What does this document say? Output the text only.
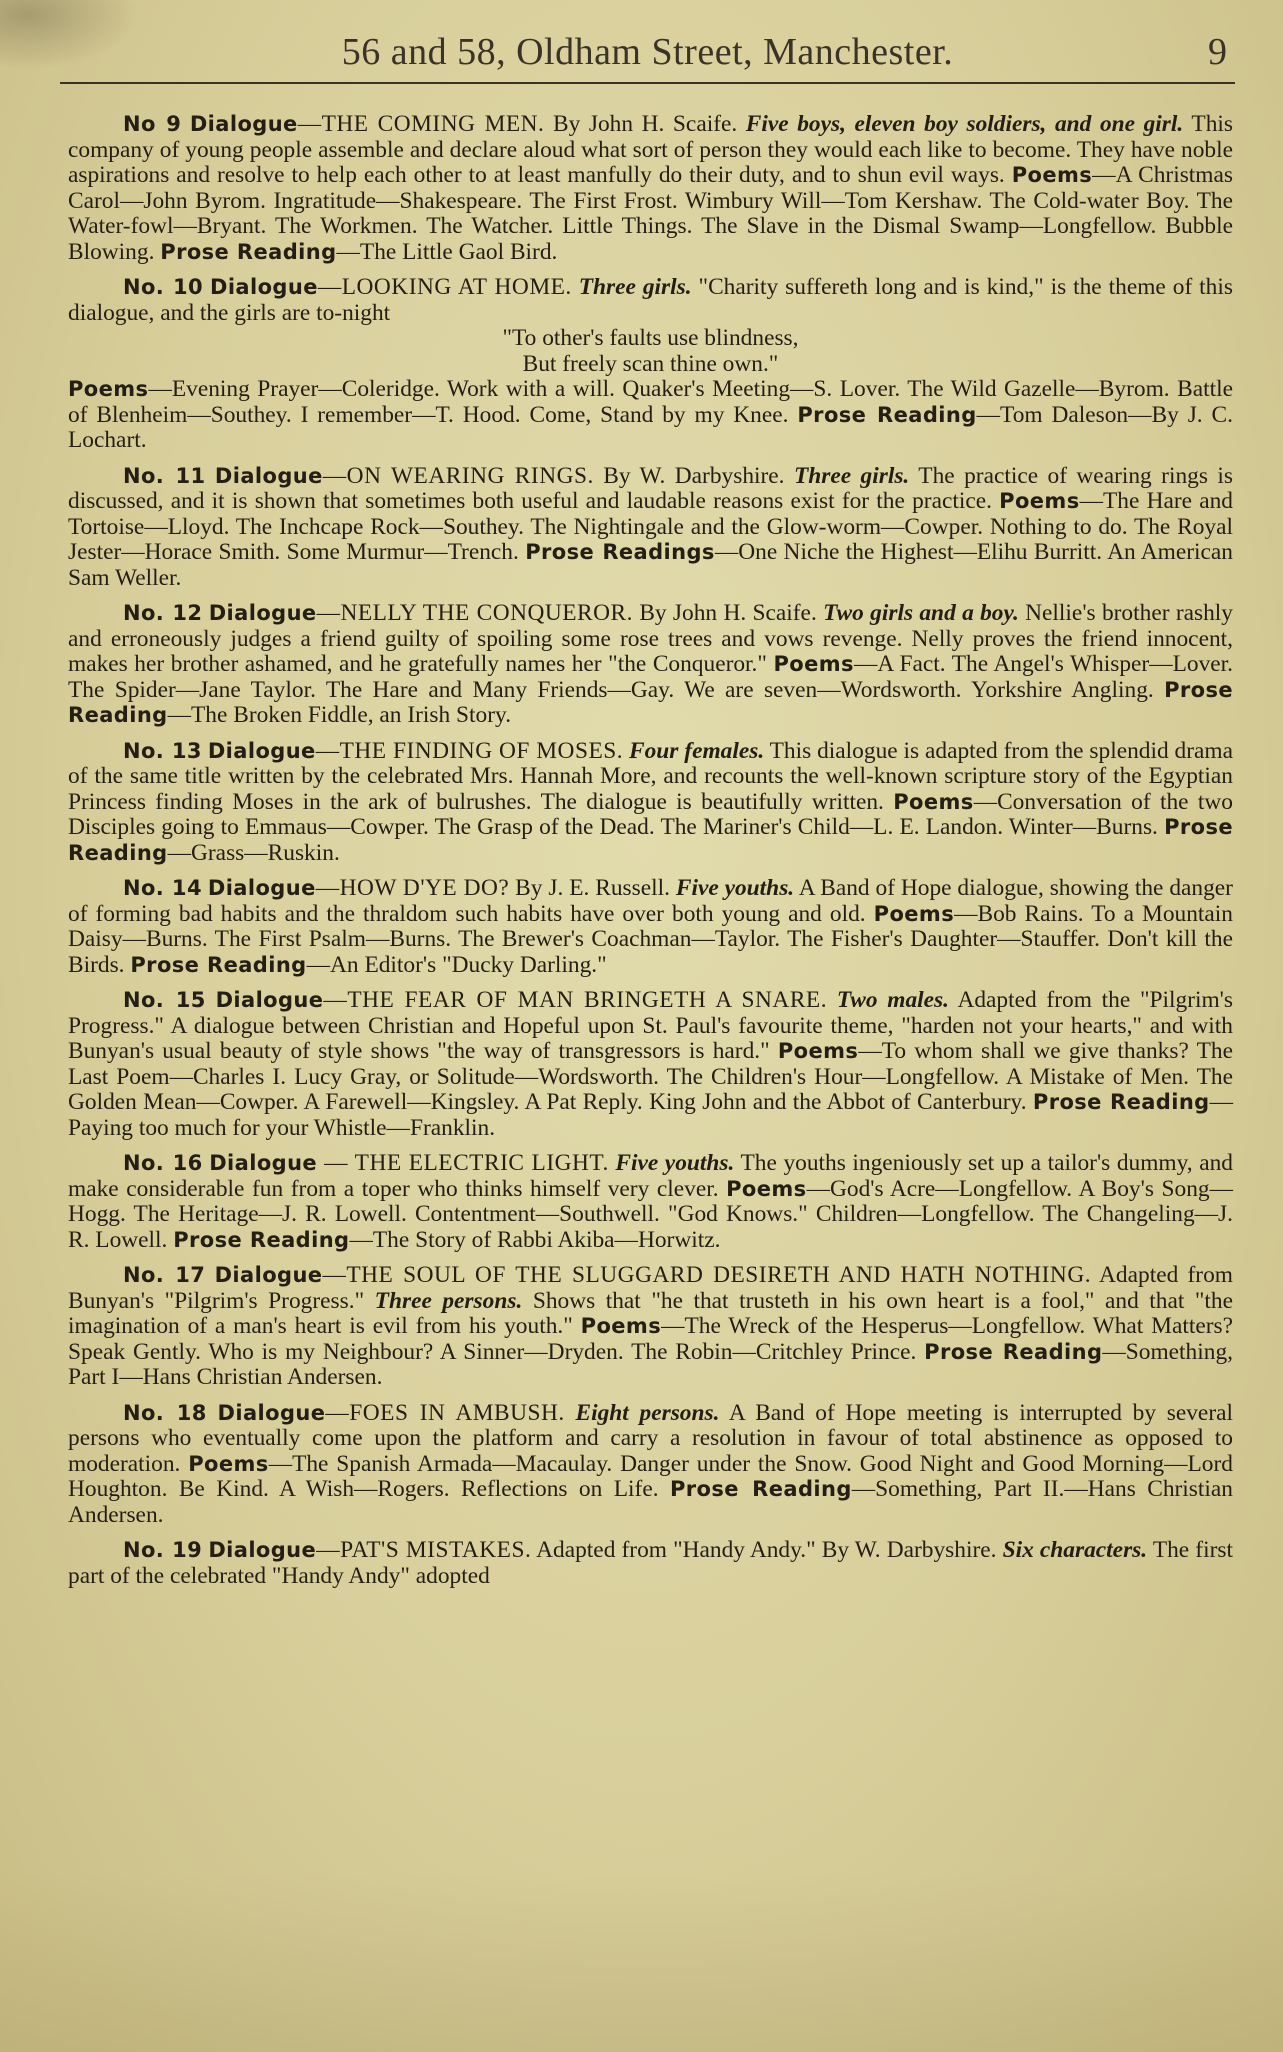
56 and 58, Oldham Street, Manchester.	9

No 9 Dialogue—THE COMING MEN. By John H. Scaife. Five boys, eleven boy soldiers, and one girl. This company of young people assemble and declare aloud what sort of person they would each like to become. They have noble aspirations and resolve to help each other to at least manfully do their duty, and to shun evil ways. Poems—A Christmas Carol—John Byrom. Ingratitude—Shakespeare. The First Frost. Wimbury Will—Tom Kershaw. The Cold-water Boy. The Water-fowl—Bryant. The Workmen. The Watcher. Little Things. The Slave in the Dismal Swamp—Longfellow. Bubble Blowing. Prose Reading—The Little Gaol Bird.

No. 10 Dialogue—LOOKING AT HOME. Three girls. "Charity suffereth long and is kind," is the theme of this dialogue, and the girls are to-night
"To other's faults use blindness,
But freely scan thine own."
Poems—Evening Prayer—Coleridge. Work with a will. Quaker's Meeting—S. Lover. The Wild Gazelle—Byrom. Battle of Blenheim—Southey. I remember—T. Hood. Come, Stand by my Knee. Prose Reading—Tom Daleson—By J. C. Lochart.

No. 11 Dialogue—ON WEARING RINGS. By W. Darbyshire. Three girls. The practice of wearing rings is discussed, and it is shown that sometimes both useful and laudable reasons exist for the practice. Poems—The Hare and Tortoise—Lloyd. The Inchcape Rock—Southey. The Nightingale and the Glow-worm—Cowper. Nothing to do. The Royal Jester—Horace Smith. Some Murmur—Trench. Prose Readings—One Niche the Highest—Elihu Burritt. An American Sam Weller.

No. 12 Dialogue—NELLY THE CONQUEROR. By John H. Scaife. Two girls and a boy. Nellie's brother rashly and erroneously judges a friend guilty of spoiling some rose trees and vows revenge. Nelly proves the friend innocent, makes her brother ashamed, and he gratefully names her "the Conqueror." Poems—A Fact. The Angel's Whisper—Lover. The Spider—Jane Taylor. The Hare and Many Friends—Gay. We are seven—Wordsworth. Yorkshire Angling. Prose Reading—The Broken Fiddle, an Irish Story.

No. 13 Dialogue—THE FINDING OF MOSES. Four females. This dialogue is adapted from the splendid drama of the same title written by the celebrated Mrs. Hannah More, and recounts the well-known scripture story of the Egyptian Princess finding Moses in the ark of bulrushes. The dialogue is beautifully written. Poems—Conversation of the two Disciples going to Emmaus—Cowper. The Grasp of the Dead. The Mariner's Child—L. E. Landon. Winter—Burns. Prose Reading—Grass—Ruskin.

No. 14 Dialogue—HOW D'YE DO? By J. E. Russell. Five youths. A Band of Hope dialogue, showing the danger of forming bad habits and the thraldom such habits have over both young and old. Poems—Bob Rains. To a Mountain Daisy—Burns. The First Psalm—Burns. The Brewer's Coachman—Taylor. The Fisher's Daughter—Stauffer. Don't kill the Birds. Prose Reading—An Editor's "Ducky Darling."

No. 15 Dialogue—THE FEAR OF MAN BRINGETH A SNARE. Two males. Adapted from the "Pilgrim's Progress." A dialogue between Christian and Hopeful upon St. Paul's favourite theme, "harden not your hearts," and with Bunyan's usual beauty of style shows "the way of transgressors is hard." Poems—To whom shall we give thanks? The Last Poem—Charles I. Lucy Gray, or Solitude—Wordsworth. The Children's Hour—Longfellow. A Mistake of Men. The Golden Mean—Cowper. A Farewell—Kingsley. A Pat Reply. King John and the Abbot of Canterbury. Prose Reading—Paying too much for your Whistle—Franklin.

No. 16 Dialogue — THE ELECTRIC LIGHT. Five youths. The youths ingeniously set up a tailor's dummy, and make considerable fun from a toper who thinks himself very clever. Poems—God's Acre—Longfellow. A Boy's Song—Hogg. The Heritage—J. R. Lowell. Contentment—Southwell. "God Knows." Children—Longfellow. The Changeling—J. R. Lowell. Prose Reading—The Story of Rabbi Akiba—Horwitz.

No. 17 Dialogue—THE SOUL OF THE SLUGGARD DESIRETH AND HATH NOTHING. Adapted from Bunyan's "Pilgrim's Progress." Three persons. Shows that "he that trusteth in his own heart is a fool," and that "the imagination of a man's heart is evil from his youth." Poems—The Wreck of the Hesperus—Longfellow. What Matters? Speak Gently. Who is my Neighbour? A Sinner—Dryden. The Robin—Critchley Prince. Prose Reading—Something, Part I—Hans Christian Andersen.

No. 18 Dialogue—FOES IN AMBUSH. Eight persons. A Band of Hope meeting is interrupted by several persons who eventually come upon the platform and carry a resolution in favour of total abstinence as opposed to moderation. Poems—The Spanish Armada—Macaulay. Danger under the Snow. Good Night and Good Morning—Lord Houghton. Be Kind. A Wish—Rogers. Reflections on Life. Prose Reading—Something, Part II.—Hans Christian Andersen.

No. 19 Dialogue—PAT'S MISTAKES. Adapted from "Handy Andy." By W. Darbyshire. Six characters. The first part of the celebrated "Handy Andy" adopted
